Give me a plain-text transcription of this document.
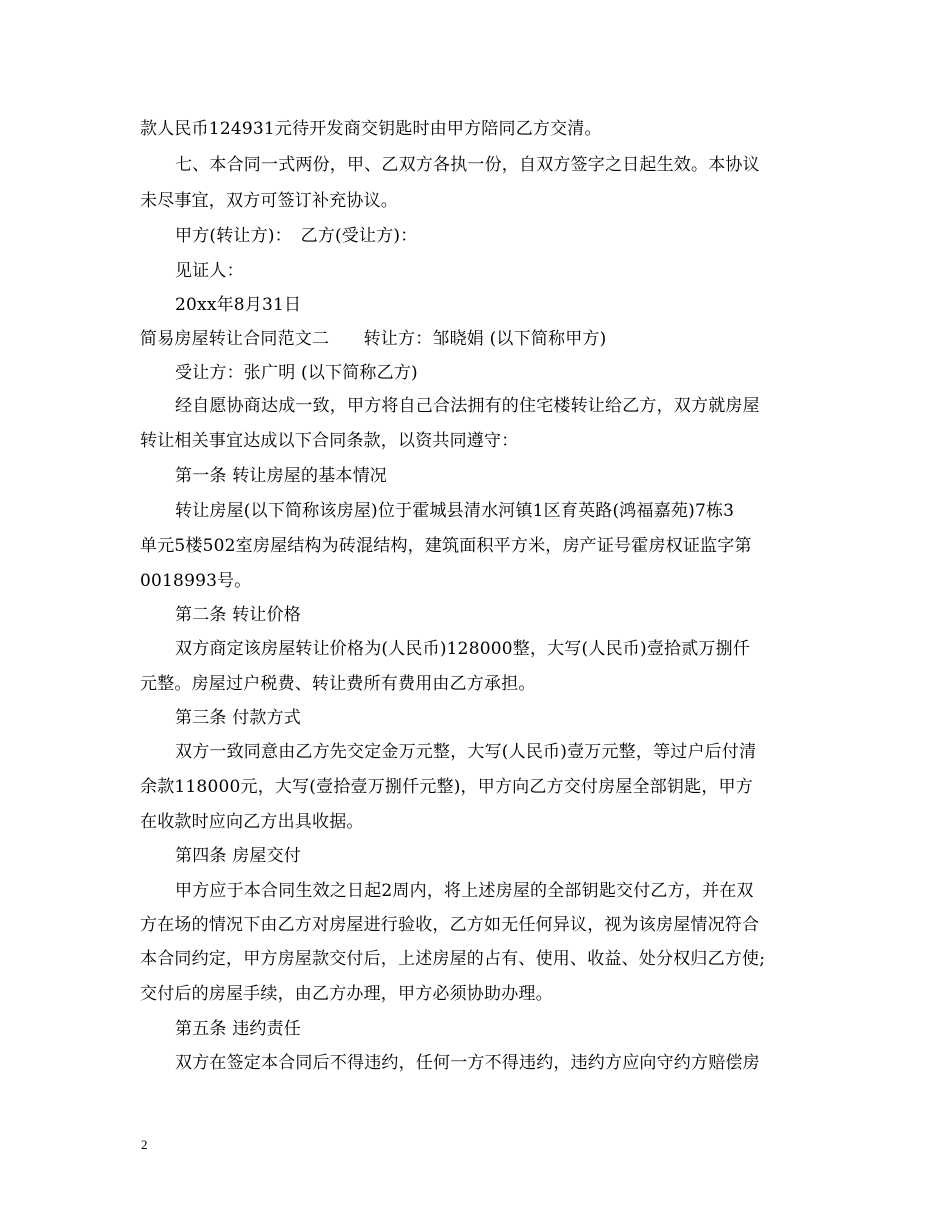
款人民币124931元待开发商交钥匙时由甲方陪同乙方交清。
七、本合同一式两份，甲、乙双方各执一份，自双方签字之日起生效。本协议
未尽事宜，双方可签订补充协议。
甲方(转让方)：　乙方(受让方)：
见证人：
20xx年8月31日
简易房屋转让合同范文二　　转让方：邹晓娟 (以下简称甲方)
受让方：张广明 (以下简称乙方)
经自愿协商达成一致，甲方将自己合法拥有的住宅楼转让给乙方，双方就房屋
转让相关事宜达成以下合同条款，以资共同遵守：
第一条 转让房屋的基本情况
转让房屋(以下简称该房屋)位于霍城县清水河镇1区育英路(鸿福嘉苑)7栋3
单元5楼502室房屋结构为砖混结构，建筑面积平方米，房产证号霍房权证监字第
0018993号。
第二条 转让价格
双方商定该房屋转让价格为(人民币)128000整，大写(人民币)壹拾贰万捌仟
元整。房屋过户税费、转让费所有费用由乙方承担。
第三条 付款方式
双方一致同意由乙方先交定金万元整，大写(人民币)壹万元整，等过户后付清
余款118000元，大写(壹拾壹万捌仟元整)，甲方向乙方交付房屋全部钥匙，甲方
在收款时应向乙方出具收据。
第四条 房屋交付
甲方应于本合同生效之日起2周内，将上述房屋的全部钥匙交付乙方，并在双
方在场的情况下由乙方对房屋进行验收，乙方如无任何异议，视为该房屋情况符合
本合同约定，甲方房屋款交付后，上述房屋的占有、使用、收益、处分权归乙方使;
交付后的房屋手续，由乙方办理，甲方必须协助办理。
第五条 违约责任
双方在签定本合同后不得违约，任何一方不得违约，违约方应向守约方赔偿房
2
